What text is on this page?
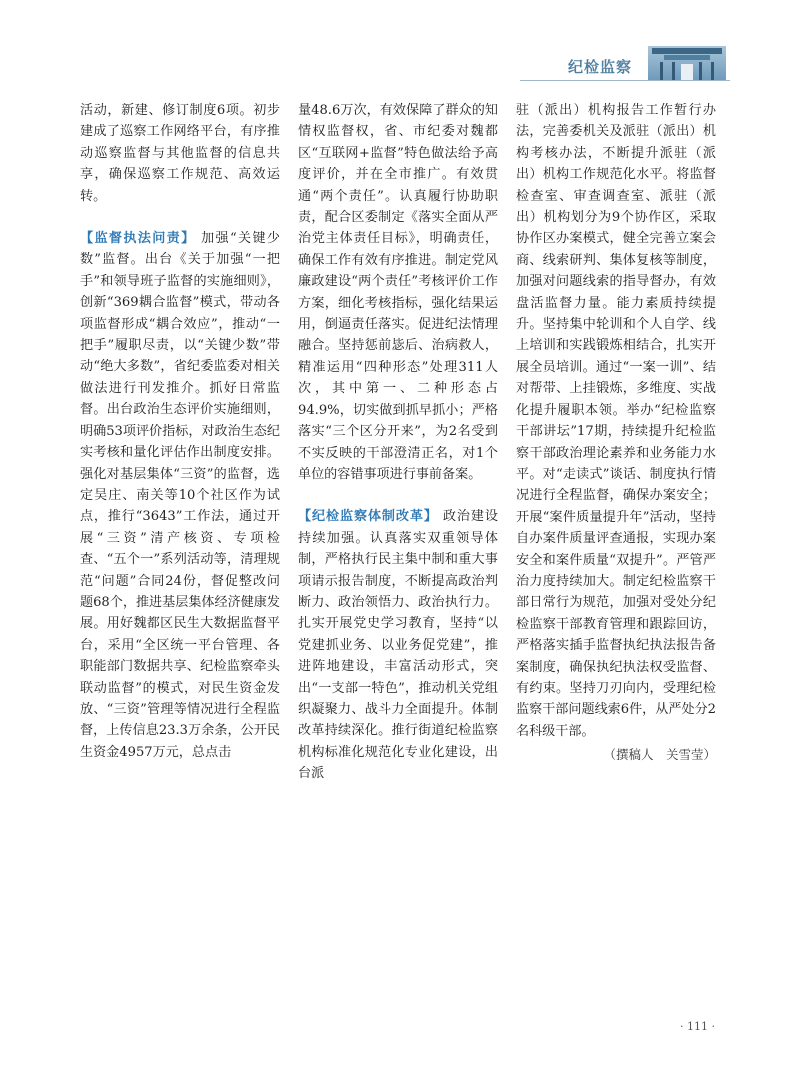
纪检监察

活动，新建、修订制度6项。初步建成了巡察工作网络平台，有序推动巡察监督与其他监督的信息共享，确保巡察工作规范、高效运转。

【监督执法问责】 加强“关键少数”监督。出台《关于加强“一把手”和领导班子监督的实施细则》，创新“369耦合监督”模式，带动各项监督形成“耦合效应”，推动“一把手”履职尽责，以“关键少数”带动“绝大多数”，省纪委监委对相关做法进行刊发推介。抓好日常监督。出台政治生态评价实施细则，明确53项评价指标，对政治生态纪实考核和量化评估作出制度安排。强化对基层集体“三资”的监督，选定吴庄、南关等10个社区作为试点，推行“3643”工作法，通过开展“三资”清产核资、专项检查、“五个一”系列活动等，清理规范“问题”合同24份，督促整改问题68个，推进基层集体经济健康发展。用好魏都区民生大数据监督平台，采用“全区统一平台管理、各职能部门数据共享、纪检监察牵头联动监督”的模式，对民生资金发放、“三资”管理等情况进行全程监督，上传信息23.3万余条，公开民生资金4957万元，总点击

量48.6万次，有效保障了群众的知情权监督权，省、市纪委对魏都区“互联网+监督”特色做法给予高度评价，并在全市推广。有效贯通“两个责任”。认真履行协助职责，配合区委制定《落实全面从严治党主体责任目标》，明确责任，确保工作有效有序推进。制定党风廉政建设“两个责任”考核评价工作方案，细化考核指标，强化结果运用，倒逼责任落实。促进纪法情理融合。坚持惩前毖后、治病救人，精准运用“四种形态”处理311人次，其中第一、二种形态占94.9%，切实做到抓早抓小；严格落实“三个区分开来”，为2名受到不实反映的干部澄清正名，对1个单位的容错事项进行事前备案。

【纪检监察体制改革】 政治建设持续加强。认真落实双重领导体制，严格执行民主集中制和重大事项请示报告制度，不断提高政治判断力、政治领悟力、政治执行力。扎实开展党史学习教育，坚持“以党建抓业务、以业务促党建”，推进阵地建设，丰富活动形式，突出“一支部一特色”，推动机关党组织凝聚力、战斗力全面提升。体制改革持续深化。推行街道纪检监察机构标准化规范化专业化建设，出台派

驻（派出）机构报告工作暂行办法，完善委机关及派驻（派出）机构考核办法，不断提升派驻（派出）机构工作规范化水平。将监督检查室、审查调查室、派驻（派出）机构划分为9个协作区，采取协作区办案模式，健全完善立案会商、线索研判、集体复核等制度，加强对问题线索的指导督办，有效盘活监督力量。能力素质持续提升。坚持集中轮训和个人自学、线上培训和实践锻炼相结合，扎实开展全员培训。通过“一案一训”、结对帮带、上挂锻炼，多维度、实战化提升履职本领。举办“纪检监察干部讲坛”17期，持续提升纪检监察干部政治理论素养和业务能力水平。对“走读式”谈话、制度执行情况进行全程监督，确保办案安全；开展“案件质量提升年”活动，坚持自办案件质量评查通报，实现办案安全和案件质量“双提升”。严管严治力度持续加大。制定纪检监察干部日常行为规范，加强对受处分纪检监察干部教育管理和跟踪回访，严格落实插手监督执纪执法报告备案制度，确保执纪执法权受监督、有约束。坚持刀刃向内，受理纪检监察干部问题线索6件，从严处分2名科级干部。

（撰稿人　关雪莹）
· 111 ·
